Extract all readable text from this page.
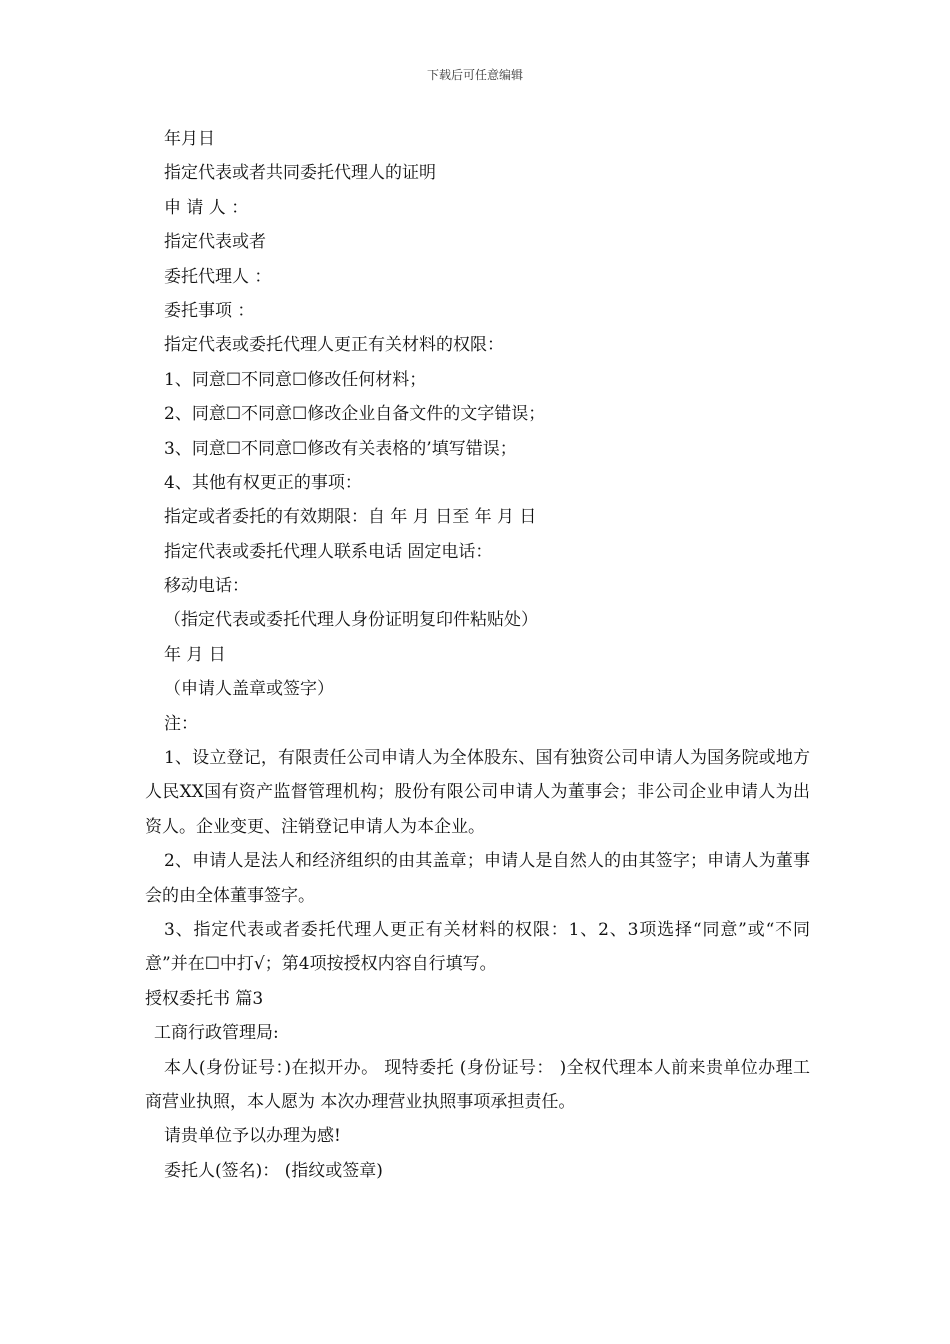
下载后可任意编辑
年月日
指定代表或者共同委托代理人的证明
申 请 人 ：
指定代表或者
委托代理人 ：
委托事项 ：
指定代表或委托代理人更正有关材料的权限：
1、同意☐不同意☐修改任何材料；
2、同意☐不同意☐修改企业自备文件的文字错误；
3、同意☐不同意☐修改有关表格的’填写错误；
4、其他有权更正的事项：
指定或者委托的有效期限：自 年 月 日至 年 月 日
指定代表或委托代理人联系电话 固定电话：
移动电话：
（指定代表或委托代理人身份证明复印件粘贴处）
年 月 日
（申请人盖章或签字）
注：

1、设立登记，有限责任公司申请人为全体股东、国有独资公司申请人为国务院或地方人民XX国有资产监督管理机构；股份有限公司申请人为董事会；非公司企业申请人为出资人。企业变更、注销登记申请人为本企业。

2、申请人是法人和经济组织的由其盖章；申请人是自然人的由其签字；申请人为董事会的由全体董事签字。

3、指定代表或者委托代理人更正有关材料的权限：1、2、3项选择“同意”或“不同意”并在☐中打√；第4项按授权内容自行填写。

授权委托书 篇3
工商行政管理局:

本人(身份证号：)在拟开办。 现特委托 (身份证号： )全权代理本人前来贵单位办理工商营业执照，本人愿为 本次办理营业执照事项承担责任。

请贵单位予以办理为感!
委托人(签名)： (指纹或签章)
